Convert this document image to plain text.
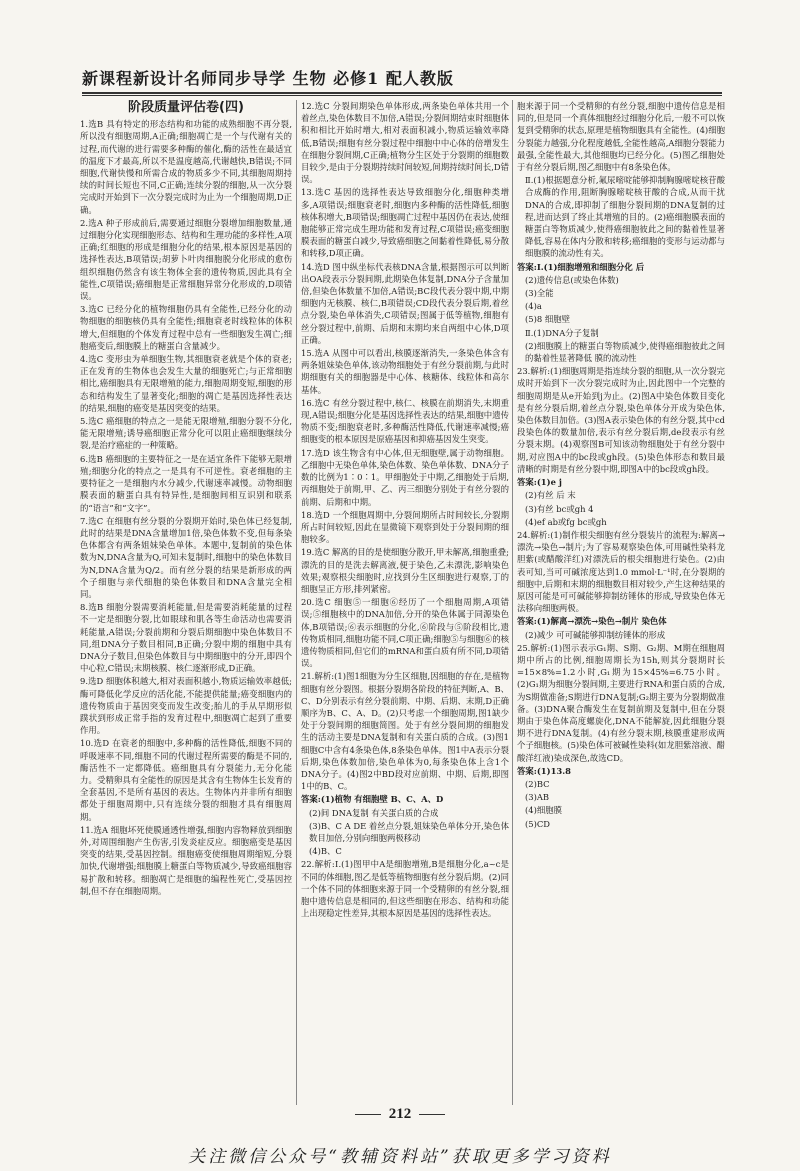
新课程新设计名师同步导学 生物 必修1 配人教版
阶段质量评估卷(四)

1.选B 具有特定的形态结构和功能的成熟细胞不再分裂,所以没有细胞周期,A正确;细胞凋亡是一个与代谢有关的过程,而代谢的进行需要多种酶的催化,酶的活性在最适宜的温度下才最高,所以不是温度越高,代谢越快,B错误;不同细胞,代谢快慢和所需合成的物质多少不同,其细胞周期持续的时间长短也不同,C正确;连续分裂的细胞,从一次分裂完成时开始到下一次分裂完成时为止为一个细胞周期,D正确。

2.选A 种子形成前后,需要通过细胞分裂增加细胞数量,通过细胞分化实现细胞形态、结构和生理功能的多样性,A项正确;红细胞的形成是细胞分化的结果,根本原因是基因的选择性表达,B项错误;胡萝卜叶肉细胞脱分化形成的愈伤组织细胞仍然含有该生物体全套的遗传物质,因此具有全能性,C项错误;癌细胞是正常细胞异常分化形成的,D项错误。

3.选C 已经分化的植物细胞仍具有全能性,已经分化的动物细胞的细胞核仍具有全能性;细胞衰老时线粒体的体积增大,但细胞的个体发育过程中总有一些细胞发生凋亡;细胞癌变后,细胞膜上的糖蛋白含量减少。

4.选C 变形虫为单细胞生物,其细胞衰老就是个体的衰老;正在发育的生物体也会发生大量的细胞死亡;与正常细胞相比,癌细胞具有无限增殖的能力,细胞周期变短,细胞的形态和结构发生了显著变化;细胞的凋亡是基因选择性表达的结果,细胞的癌变是基因突变的结果。

5.选C 癌细胞的特点之一是能无限增殖,细胞分裂不分化,能无限增殖;诱导癌细胞正常分化可以阻止癌细胞继续分裂,是治疗癌症的一种策略。

6.选B 癌细胞的主要特征之一是在适宜条件下能够无限增殖;细胞分化的特点之一是具有不可逆性。衰老细胞的主要特征之一是细胞内水分减少,代谢速率减慢。动物细胞膜表面的糖蛋白具有特异性,是细胞间相互识别和联系的“语言”和“文字”。

7.选C 在细胞有丝分裂的分裂期开始时,染色体已经复制,此时的结果是DNA含量增加1倍,染色体数不变,但每条染色体都含有两条姐妹染色单体。本题中,复制前的染色体数为N,DNA含量为Q,可知未复制时,细胞中的染色体数目为N,DNA含量为Q/2。而有丝分裂的结果是新形成的两个子细胞与亲代细胞的染色体数目和DNA含量完全相同。

8.选B 细胞分裂需要消耗能量,但是需要消耗能量的过程不一定是细胞分裂,比如眼球和肌各等生命活动也需要消耗能量,A错误;分裂前期和分裂后期细胞中染色体数目不同,组DNA分子数目相同,B正确;分裂中期的细胞中具有DNA分子数目,但染色体数目与中期细胞中的分开,即四个中心粒,C错误;末期核膜、核仁逐渐形成,D正确。

9.选D 细胞体积越大,相对表面积越小,物质运输效率越低;酶可降低化学反应的活化能,不能提供能量;癌变细胞内的遗传物质由于基因突变而发生改变;胎儿的手从早期形似蹼状到形成正常手指的发育过程中,细胞凋亡起到了重要作用。

10.选D 在衰老的细胞中,多种酶的活性降低,细胞不同的呼吸速率不同,细胞不同的代谢过程所需要的酶是不同的,酶活性不一定都降低。癌细胞具有分裂能力,无分化能力。受精卵具有全能性的原因是其含有生物体生长发育的全套基因,不是所有基因的表达。生物体内并非所有细胞都处于细胞周期中,只有连续分裂的细胞才具有细胞周期。

11.选A 细胞坏死使膜通透性增强,细胞内容物释放到细胞外,对周围细胞产生伤害,引发炎症反应。细胞癌变是基因突变的结果,受基因控制。细胞癌变使细胞周期缩短,分裂加快,代谢增强;细胞膜上糖蛋白等物质减少,导致癌细胞容易扩散和转移。细胞凋亡是细胞的编程性死亡,受基因控制,但不存在细胞周期。

12.选C 分裂间期染色单体形成,两条染色单体共用一个着丝点,染色体数目不加倍,A错误;分裂间期结束时细胞体积和相比开始时增大,相对表面积减小,物质运输效率降低,B错误;细胞有丝分裂过程中细胞中中心体的倍增发生在细胞分裂间期,C正确;植物分生区处于分裂期的细胞数目较少,是由于分裂期持续时间较短,间期持续时间长,D错误。

13.选C 基因的选择性表达导致细胞分化,细胞种类增多,A项错误;细胞衰老时,细胞内多种酶的活性降低,细胞核体积增大,B项错误;细胞凋亡过程中基因仍在表达,使细胞能够正常完成生理功能和发育过程,C项错误;癌变细胞膜表面的糖蛋白减少,导致癌细胞之间黏着性降低,易分散和转移,D项正确。

14.选D 图中纵坐标代表核DNA含量,根据图示可以判断出OA段表示分裂间期,此期染色体复制,DNA分子含量加倍,但染色体数量不加倍,A错误;BC段代表分裂中期,中期细胞内无核膜、核仁,B项错误;CD段代表分裂后期,着丝点分裂,染色单体消失,C项错误;图属于低等植物,细胞有丝分裂过程中,前期、后期和末期均来自两组中心体,D项正确。

15.选A 从图中可以看出,核膜逐渐消失,一条染色体含有两条姐妹染色单体,该动物细胞处于有丝分裂前期,与此时期细胞有关的细胞器是中心体、核糖体、线粒体和高尔基体。

16.选C 有丝分裂过程中,核仁、核膜在前期消失,末期重现,A错误;细胞分化是基因选择性表达的结果,细胞中遗传物质不变;细胞衰老时,多种酶活性降低,代谢速率减慢;癌细胞变的根本原因是原癌基因和抑癌基因发生突变。

17.选D 该生物含有中心体,但无细胞壁,属于动物细胞。乙细胞中无染色单体,染色体数、染色单体数、DNA分子数的比例为1∶0∶1。甲细胞处于中期,乙细胞处于后期,丙细胞处于前期,甲、乙、丙三细胞分别处于有丝分裂的前期、后期和中期。

18.选D 一个细胞周期中,分裂间期所占时间较长,分裂期所占时间较短,因此在显微镜下观察到处于分裂间期的细胞较多。

19.选C 解离的目的是使细胞分散开,甲未解离,细胞重叠;漂洗的目的是洗去解离液,便于染色,乙未漂洗,影响染色效果;观察根尖细胞时,应找到分生区细胞进行观察,丁的细胞呈正方形,排列紧密。

20.选C 细胞⑤一细胞⑥经历了一个细胞周期,A项错误;⑤细胞核中的DNA加倍,分开的染色体属于同源染色体,B项错误;⑥表示细胞的分化,⑥阶段与⑤阶段相比,遗传物质相同,细胞功能不同,C项正确;细胞⑤与细胞⑥的核遗传物质相同,但它们的mRNA和蛋白质有所不同,D项错误。

21.解析:(1)图1细胞为分生区细胞,因细胞的存在,是植物细胞有丝分裂图。根据分裂期各阶段的特征判断,A、B、C、D分别表示有丝分裂前期、中期、后期、末期,D正确顺序为B、C、A、D。(2)只考虑一个细胞周期,图1缺少处于分裂间期的细胞简图。处于有丝分裂间期的细胞发生的活动主要是DNA复制和有关蛋白质的合成。(3)图1细胞C中含有4条染色体,8条染色单体。图1中A表示分裂后期,染色体数加倍,染色单体为0,每条染色体上含1个DNA分子。(4)图2中BD段对应前期、中期、后期,即图1中的B、C。

答案:(1)植物 有细胞壁 B、C、A、D

(2)间 DNA复制 有关蛋白质的合成

(3)B、C A DE 着丝点分裂,姐妹染色单体分开,染色体数目加倍,分别向细胞两极移动

(4)B、C

22.解析:Ⅰ.(1)图甲中A是细胞增殖,B是细胞分化,a~c是不同的体细胞,图乙是低等植物细胞有丝分裂后期。(2)同一个体不同的体细胞来源于同一个受精卵的有丝分裂,细胞中遗传信息是相同的,但这些细胞在形态、结构和功能上出现稳定性差异,其根本原因是基因的选择性表达。

胞来源于同一个受精卵的有丝分裂,细胞中遗传信息是相同的,但是同一个真体细胞经过细胞分化后,一般不可以恢复到受精卵的状态,原理是植物细胞具有全能性。(4)细胞分裂能力越强,分化程度越低,全能性越高,A细胞分裂能力最强,全能性最大,其他细胞均已经分化。(5)图乙细胞处于有丝分裂后期,图乙细胞中有8条染色体。

Ⅱ.(1)根据题意分析,氟尿嘧啶能够抑制胸腺嘧啶核苷酸合成酶的作用,阻断胸腺嘧啶核苷酸的合成,从而干扰DNA的合成,即抑制了细胞分裂间期的DNA复制的过程,进而达到了终止其增殖的目的。(2)癌细胞膜表面的糖蛋白等物质减少,使得癌细胞彼此之间的黏着性显著降低,容易在体内分散和转移;癌细胞的变形与运动都与细胞膜的流动性有关。

答案:Ⅰ.(1)细胞增殖和细胞分化 后

(2)遗传信息(或染色体数)

(3)全能

(4)a

(5)8 细胞壁

Ⅱ.(1)DNA分子复制

(2)细胞膜上的糖蛋白等物质减少,使得癌细胞彼此之间的黏着性显著降低 膜的流动性

23.解析:(1)细胞周期是指连续分裂的细胞,从一次分裂完成时开始到下一次分裂完成时为止,因此图中一个完整的细胞周期是从e开始到j为止。(2)图A中染色体数目变化是有丝分裂后期,着丝点分裂,染色单体分开成为染色体,染色体数目加倍。(3)图A表示染色体的有丝分裂,其中cd段染色体的数量加倍,表示有丝分裂后期,de段表示有丝分裂末期。(4)观察图B可知该动物细胞处于有丝分裂中期,对应图A中的bc段或gh段。(5)染色体形态和数目最清晰的时期是有丝分裂中期,即图A中的bc段或gh段。

答案:(1)e j

(2)有丝 后 末

(3)有丝 bc或gh 4

(4)ef ab或fg bc或gh

24.解析:(1)制作根尖细胞有丝分裂装片的流程为:解离→漂洗→染色→制片;为了容易观察染色体,可用碱性染料龙胆紫(或醋酸洋红)对漂洗后的根尖细胞进行染色。(2)由表可知,当可可碱浓度达到1.0 mmol·L⁻¹时,在分裂期的细胞中,后期和末期的细胞数目相对较少,产生这种结果的原因可能是可可碱能够抑制纺锤体的形成,导致染色体无法移向细胞两极。

答案:(1)解离→漂洗→染色→制片 染色体

(2)减少 可可碱能够抑制纺锤体的形成

25.解析:(1)图示表示G₁期、S期、G₂期、M期在细胞周期中所占的比例,细胞周期长为15h,则其分裂期时长=15×8%=1.2小时,G₁期为15×45%=6.75小时。(2)G₁期为细胞分裂间期,主要进行RNA和蛋白质的合成,为S期做准备;S期进行DNA复制;G₂期主要为分裂期做准备。(3)DNA聚合酶发生在复制前期及复制中,但在分裂期由于染色体高度螺旋化,DNA不能解旋,因此细胞分裂期不进行DNA复制。(4)有丝分裂末期,核膜重建形成两个子细胞核。(5)染色体可被碱性染料(如龙胆紫溶液、醋酸洋红液)染成深色,故选CD。

答案:(1)13.8

(2)BC

(3)AB

(4)细胞膜

(5)CD

212
关注微信公众号“教辅资料站”获取更多学习资料
